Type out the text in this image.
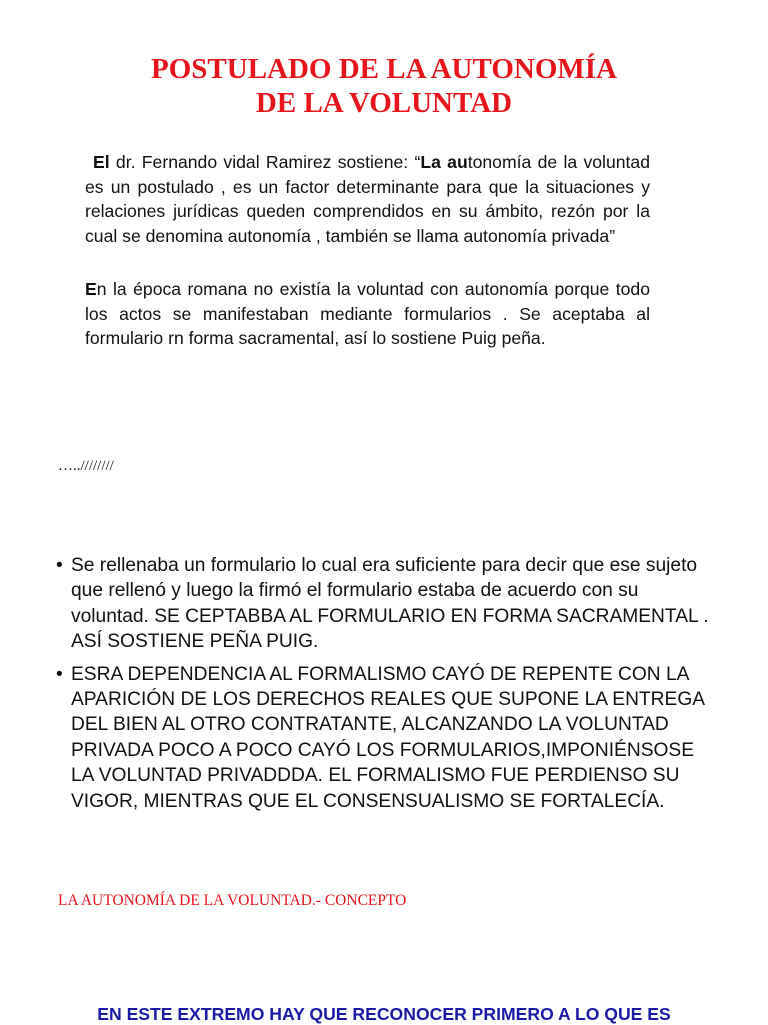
POSTULADO DE LA AUTONOMÍA
DE LA VOLUNTAD

El dr. Fernando vidal Ramirez sostiene: “La autonomía de la voluntad es un postulado , es un factor determinante para que la situaciones y relaciones jurídicas queden comprendidos en su ámbito, rezón por la cual se denomina autonomía , también se llama autonomía privada”

En la época romana no existía la voluntad con autonomía porque todo los actos se manifestaban mediante formularios . Se aceptaba al formulario rn forma sacramental, así lo sostiene Puig peña.

…..////////

• Se rellenaba un formulario lo cual era suficiente para decir que ese sujeto que rellenó y luego la firmó el formulario estaba de acuerdo con su voluntad. SE CEPTABBA AL FORMULARIO EN FORMA SACRAMENTAL . ASÍ SOSTIENE PEÑA PUIG.
• ESRA DEPENDENCIA AL FORMALISMO CAYÓ DE REPENTE CON LA APARICIÓN DE LOS DERECHOS REALES QUE SUPONE LA ENTREGA DEL BIEN AL OTRO CONTRATANTE, ALCANZANDO LA VOLUNTAD PRIVADA POCO A POCO CAYÓ LOS FORMULARIOS,IMPONIÉNSOSE LA VOLUNTAD PRIVADDDA. EL FORMALISMO FUE PERDIENSO SU VIGOR, MIENTRAS QUE EL CONSENSUALISMO SE FORTALECÍA.

LA AUTONOMÍA DE LA VOLUNTAD.- CONCEPTO

EN ESTE EXTREMO HAY QUE RECONOCER PRIMERO A LO QUE ES
